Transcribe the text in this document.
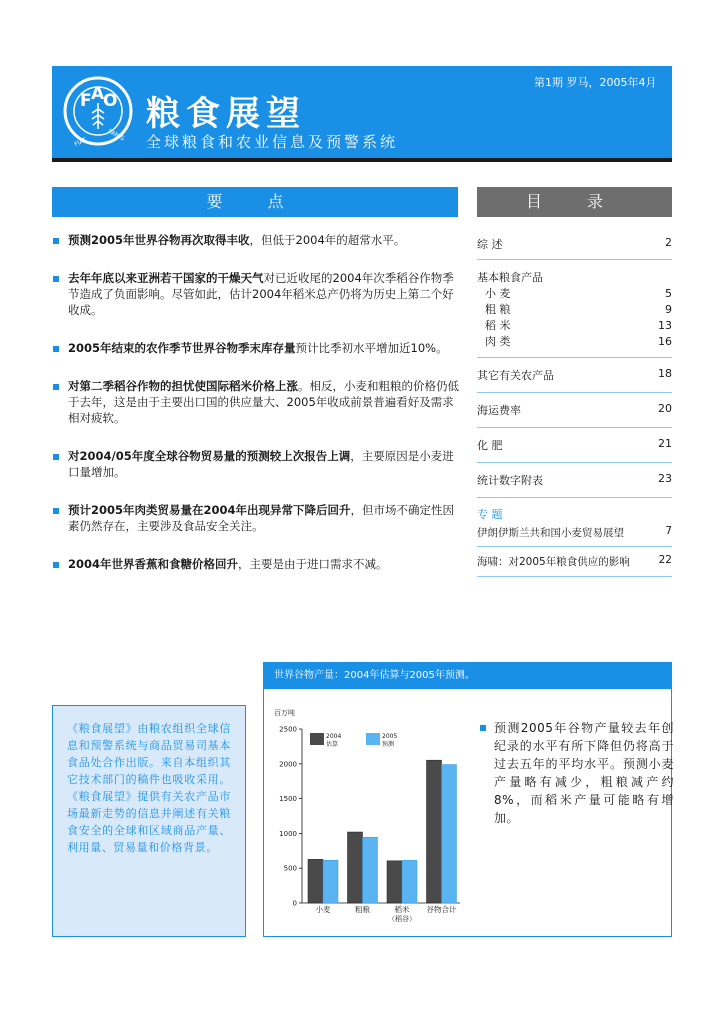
F A
O
FIAT
PANIS
粮食展望
全球粮食和农业信息及预警系统
第1期 罗马，2005年4月
要 点	目 录
预测2005年世界谷物再次取得丰收，但低于2004年的超常水平。
去年年底以来亚洲若干国家的干燥天气对已近收尾的2004年次季稻谷作物季节造成了负面影响。尽管如此，估计2004年稻米总产仍将为历史上第二个好收成。
2005年结束的农作季节世界谷物季末库存量预计比季初水平增加近10%。
对第二季稻谷作物的担忧使国际稻米价格上涨。相反，小麦和粗粮的价格仍低于去年，这是由于主要出口国的供应量大、2005年收成前景普遍看好及需求相对疲软。
对2004/05年度全球谷物贸易量的预测较上次报告上调，主要原因是小麦进口量增加。
预计2005年肉类贸易量在2004年出现异常下降后回升，但市场不确定性因素仍然存在，主要涉及食品安全关注。
2004年世界香蕉和食糖价格回升，主要是由于进口需求不减。
综 述	2
基本粮食产品
小 麦	5
粗 粮	9
稻 米	13
肉 类	16
其它有关农产品	18
海运费率	20
化 肥	21
统计数字附表	23
专 题
伊朗伊斯兰共和国小麦贸易展望	7
海啸：对2005年粮食供应的影响	22
《粮食展望》由粮农组织全球信息和预警系统与商品贸易司基本食品处合作出版。来自本组织其它技术部门的稿件也吸收采用。《粮食展望》提供有关农产品市场最新走势的信息并阐述有关粮食安全的全球和区域商品产量、利用量、贸易量和价格背景。
世界谷物产量：2004年估算与2005年预测。
百万吨
0
500
1000
1500
2000
2500
小麦	粗粮	稻米
（稻谷）
谷物合计
2004
估算
2005
预测
预测2005年谷物产量较去年创纪录的水平有所下降但仍将高于过去五年的平均水平。预测小麦产量略有减少，粗粮减产约8%，而稻米产量可能略有增加。
